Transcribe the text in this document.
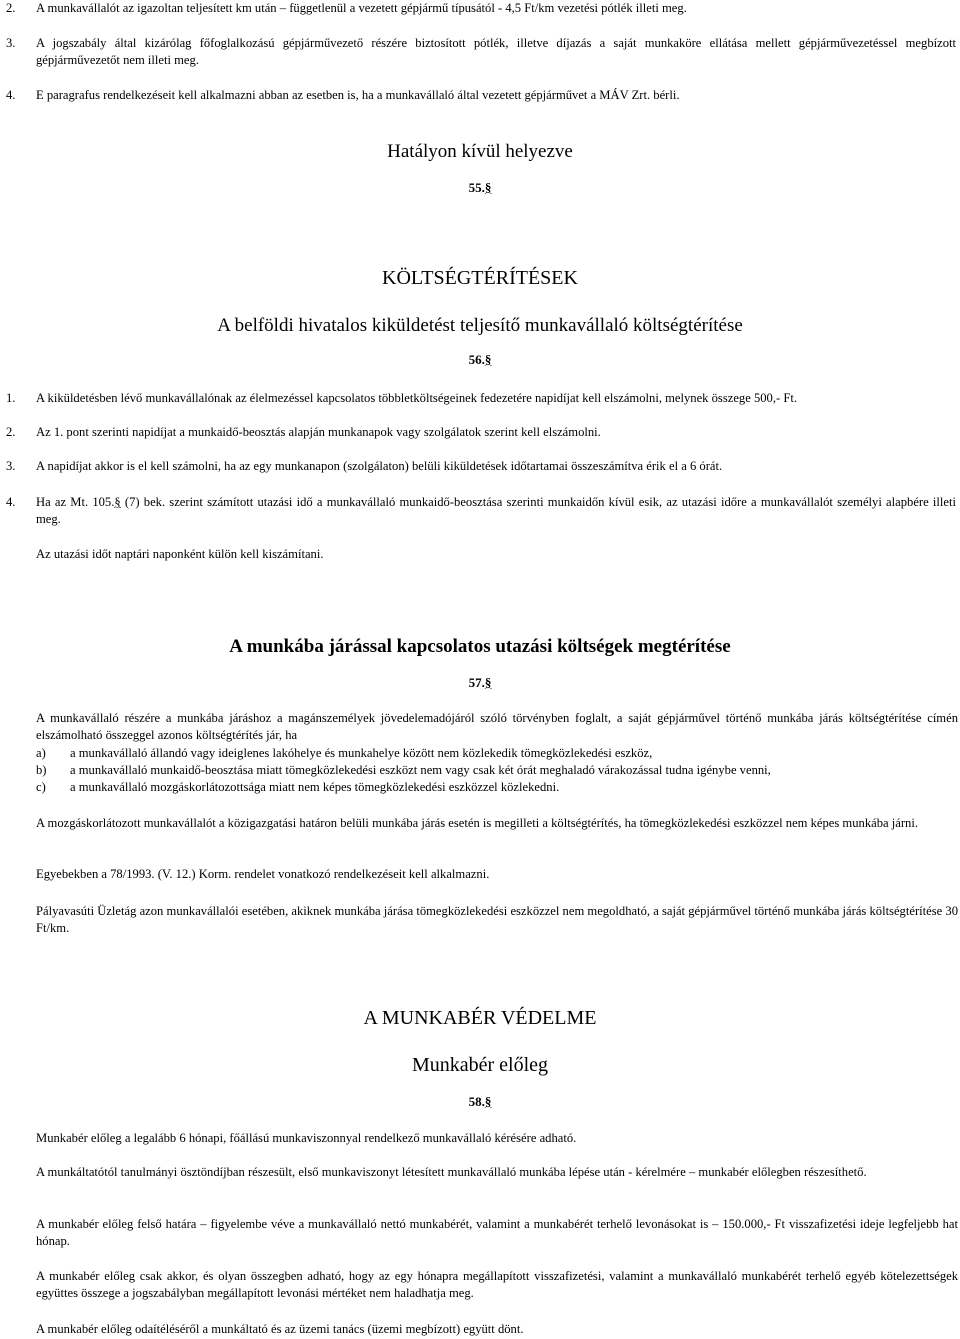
2.	A munkavállalót az igazoltan teljesített km után – függetlenül a vezetett gépjármű típusától - 4,5 Ft/km vezetési pótlék illeti meg.
3.	A jogszabály által kizárólag főfoglalkozású gépjárművezető részére biztosított pótlék, illetve díjazás a saját munkaköre ellátása mellett gépjárművezetéssel megbízott gépjárművezetőt nem illeti meg.
4.	E paragrafus rendelkezéseit kell alkalmazni abban az esetben is, ha a munkavállaló által vezetett gépjárművet a MÁV Zrt. bérli.
Hatályon kívül helyezve
55.§
KÖLTSÉGTÉRÍTÉSEK
A belföldi hivatalos kiküldetést teljesítő munkavállaló költségtérítése
56.§
1.	A kiküldetésben lévő munkavállalónak az élelmezéssel kapcsolatos többletköltségeinek fedezetére napidíjat kell elszámolni, melynek összege 500,- Ft.
2.	Az 1. pont szerinti napidíjat a munkaidő-beosztás alapján munkanapok vagy szolgálatok szerint kell elszámolni.
3.	A napidíjat akkor is el kell számolni, ha az egy munkanapon (szolgálaton) belüli kiküldetések időtartamai összeszámítva érik el a 6 órát.
4.	Ha az Mt. 105.§ (7) bek. szerint számított utazási idő a munkavállaló munkaidő-beosztása szerinti munkaidőn kívül esik, az utazási időre a munkavállalót személyi alapbére illeti meg.
Az utazási időt naptári naponként külön kell kiszámítani.
A munkába járással kapcsolatos utazási költségek megtérítése
57.§
A munkavállaló részére a munkába járáshoz a magánszemélyek jövedelemadójáról szóló törvényben foglalt, a saját gépjárművel történő munkába járás költségtérítése címén elszámolható összeggel azonos költségtérítés jár, ha
a)	a munkavállaló állandó vagy ideiglenes lakóhelye és munkahelye között nem közlekedik tömegközlekedési eszköz,
b)	a munkavállaló munkaidő-beosztása miatt tömegközlekedési eszközt nem vagy csak két órát meghaladó várakozással tudna igénybe venni,
c)	a munkavállaló mozgáskorlátozottsága miatt nem képes tömegközlekedési eszközzel közlekedni.
A mozgáskorlátozott munkavállalót a közigazgatási határon belüli munkába járás esetén is megilleti a költségtérítés, ha tömegközlekedési eszközzel nem képes munkába járni.
Egyebekben a 78/1993. (V. 12.) Korm. rendelet vonatkozó rendelkezéseit kell alkalmazni.
Pályavasúti Üzletág azon munkavállalói esetében, akiknek munkába járása tömegközlekedési eszközzel nem megoldható, a saját gépjárművel történő munkába járás költségtérítése 30 Ft/km.
A MUNKABÉR VÉDELME
Munkabér előleg
58.§
Munkabér előleg a legalább 6 hónapi, főállású munkaviszonnyal rendelkező munkavállaló kérésére adható.
A munkáltatótól tanulmányi ösztöndíjban részesült, első munkaviszonyt létesített munkavállaló munkába lépése után - kérelmére – munkabér előlegben részesíthető.
A munkabér előleg felső határa – figyelembe véve a munkavállaló nettó munkabérét, valamint a munkabérét terhelő levonásokat is – 150.000,- Ft visszafizetési ideje legfeljebb hat hónap.
A munkabér előleg csak akkor, és olyan összegben adható, hogy az egy hónapra megállapított visszafizetési, valamint a munkavállaló munkabérét terhelő egyéb kötelezettségek együttes összege a jogszabályban megállapított levonási mértéket nem haladhatja meg.
A munkabér előleg odaítéléséről a munkáltató és az üzemi tanács (üzemi megbízott) együtt dönt.
